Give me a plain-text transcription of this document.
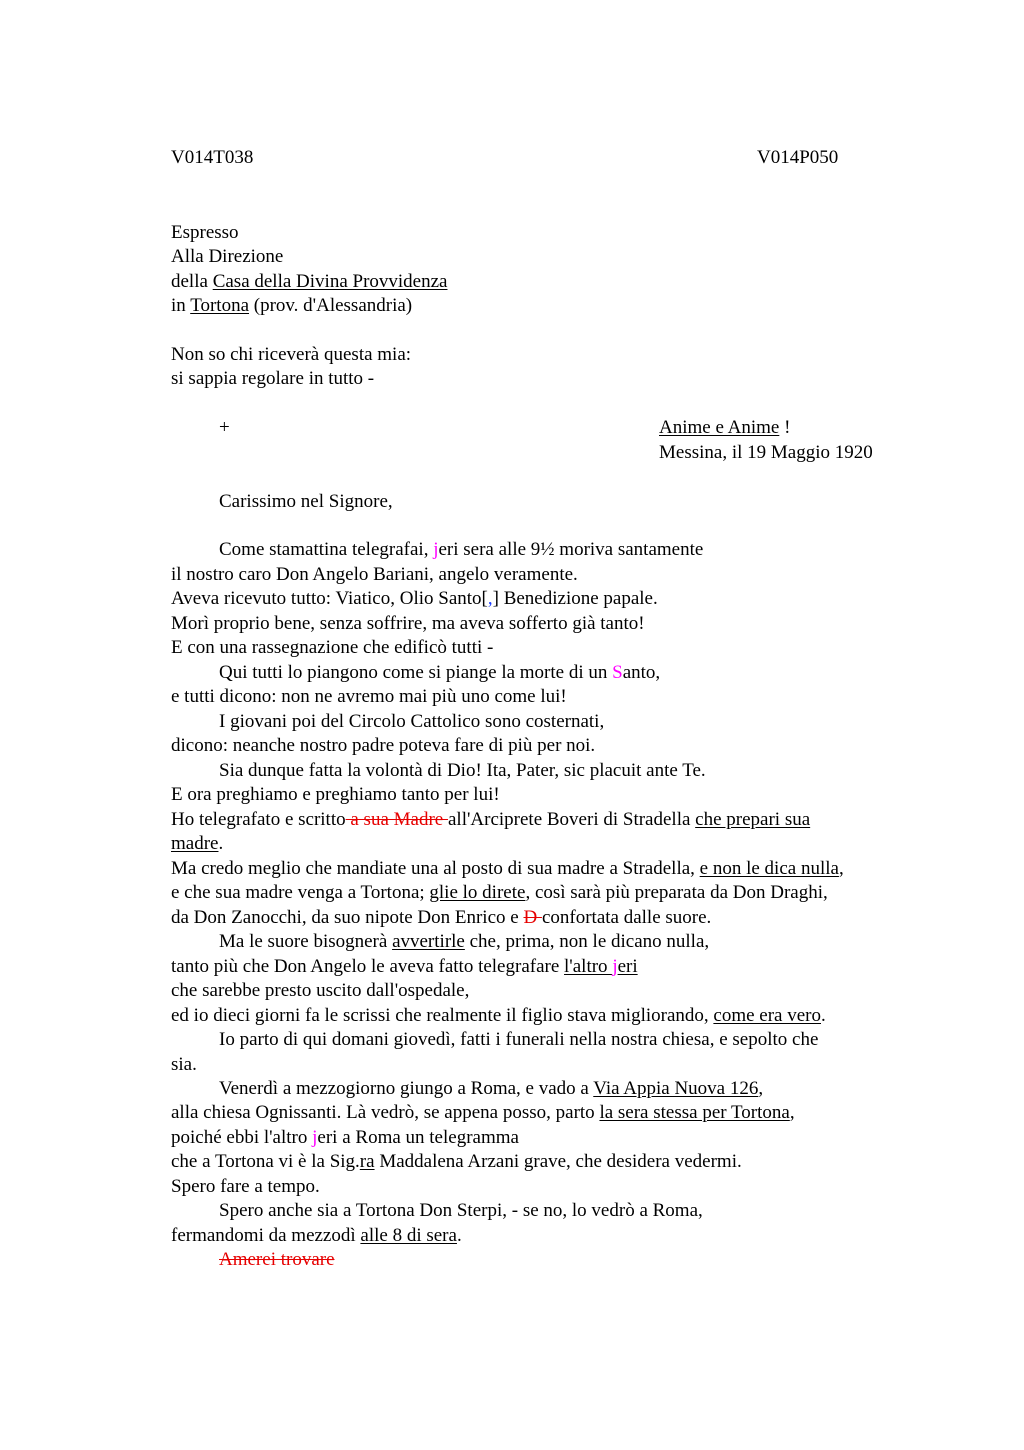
V014T038	V014P050
Espresso
Alla Direzione
della Casa della Divina Provvidenza
in Tortona (prov. d'Alessandria)
Non so chi riceverà questa mia:
si sappia regolare in tutto -
+	Anime e Anime !
Messina, il 19 Maggio 1920
Carissimo nel Signore,
Come stamattina telegrafai, jeri sera alle 9½ moriva santamente
il nostro caro Don Angelo Bariani, angelo veramente.
Aveva ricevuto tutto: Viatico, Olio Santo[,] Benedizione papale.
Morì proprio bene, senza soffrire, ma aveva sofferto già tanto!
E con una rassegnazione che edificò tutti -
Qui tutti lo piangono come si piange la morte di un Santo,
e tutti dicono: non ne avremo mai più uno come lui!
I giovani poi del Circolo Cattolico sono costernati,
dicono: neanche nostro padre poteva fare di più per noi.
Sia dunque fatta la volontà di Dio! Ita, Pater, sic placuit ante Te.
E ora preghiamo e preghiamo tanto per lui!
Ho telegrafato e scritto a sua Madre all'Arciprete Boveri di Stradella che prepari sua
madre.
Ma credo meglio che mandiate una al posto di sua madre a Stradella, e non le dica nulla,
e che sua madre venga a Tortona; glie lo direte, così sarà più preparata da Don Draghi,
da Don Zanocchi, da suo nipote Don Enrico e D confortata dalle suore.
Ma le suore bisognerà avvertirle che, prima, non le dicano nulla,
tanto più che Don Angelo le aveva fatto telegrafare l'altro jeri
che sarebbe presto uscito dall'ospedale,
ed io dieci giorni fa le scrissi che realmente il figlio stava migliorando, come era vero.
Io parto di qui domani giovedì, fatti i funerali nella nostra chiesa, e sepolto che
sia.
Venerdì a mezzogiorno giungo a Roma, e vado a Via Appia Nuova 126,
alla chiesa Ognissanti. Là vedrò, se appena posso, parto la sera stessa per Tortona,
poiché ebbi l'altro jeri a Roma un telegramma
che a Tortona vi è la Sig.ra Maddalena Arzani grave, che desidera vedermi.
Spero fare a tempo.
Spero anche sia a Tortona Don Sterpi, - se no, lo vedrò a Roma,
fermandomi da mezzodì alle 8 di sera.
Amerei trovare
